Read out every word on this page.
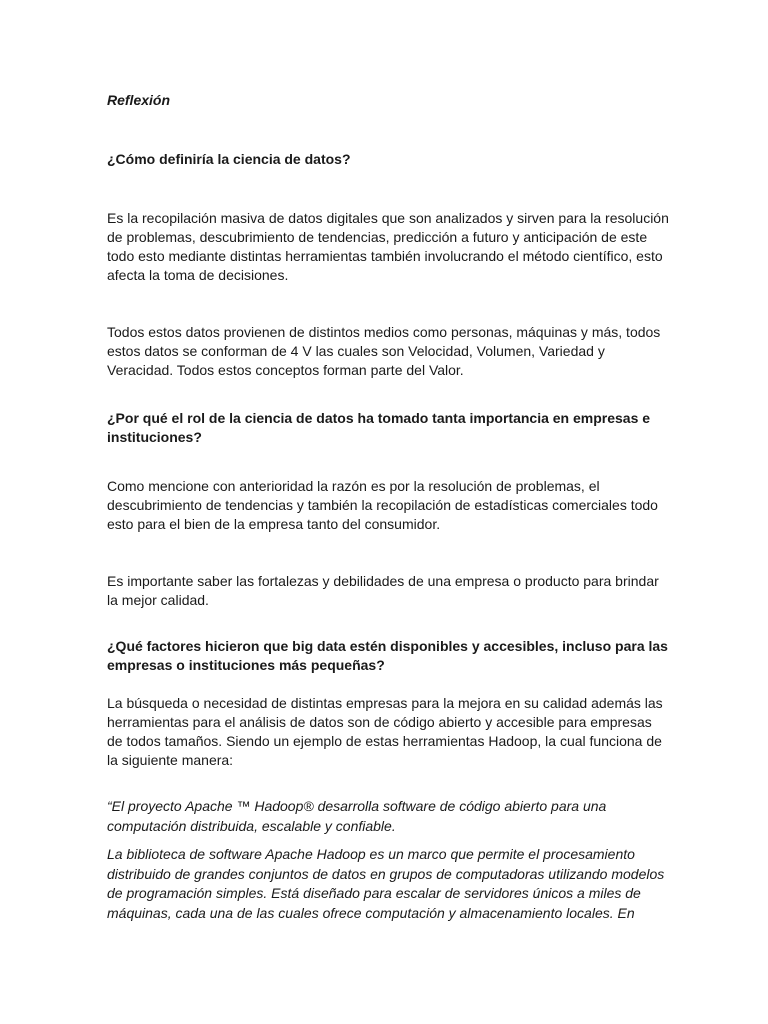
Reflexión
¿Cómo definiría la ciencia de datos?

Es la recopilación masiva de datos digitales que son analizados y sirven para la resolución
de problemas, descubrimiento de tendencias, predicción a futuro y anticipación de este
todo esto mediante distintas herramientas también involucrando el método científico, esto
afecta la toma de decisiones.

Todos estos datos provienen de distintos medios como personas, máquinas y más, todos
estos datos se conforman de 4 V las cuales son Velocidad, Volumen, Variedad y
Veracidad. Todos estos conceptos forman parte del Valor.

¿Por qué el rol de la ciencia de datos ha tomado tanta importancia en empresas e
instituciones?

Como mencione con anterioridad la razón es por la resolución de problemas, el
descubrimiento de tendencias y también la recopilación de estadísticas comerciales todo
esto para el bien de la empresa tanto del consumidor.

Es importante saber las fortalezas y debilidades de una empresa o producto para brindar
la mejor calidad.

¿Qué factores hicieron que big data estén disponibles y accesibles, incluso para las
empresas o instituciones más pequeñas?

La búsqueda o necesidad de distintas empresas para la mejora en su calidad además las
herramientas para el análisis de datos son de código abierto y accesible para empresas
de todos tamaños. Siendo un ejemplo de estas herramientas Hadoop, la cual funciona de
la siguiente manera:

“El proyecto Apache ™ Hadoop® desarrolla software de código abierto para una
computación distribuida, escalable y confiable.

La biblioteca de software Apache Hadoop es un marco que permite el procesamiento
distribuido de grandes conjuntos de datos en grupos de computadoras utilizando modelos
de programación simples. Está diseñado para escalar de servidores únicos a miles de
máquinas, cada una de las cuales ofrece computación y almacenamiento locales. En
